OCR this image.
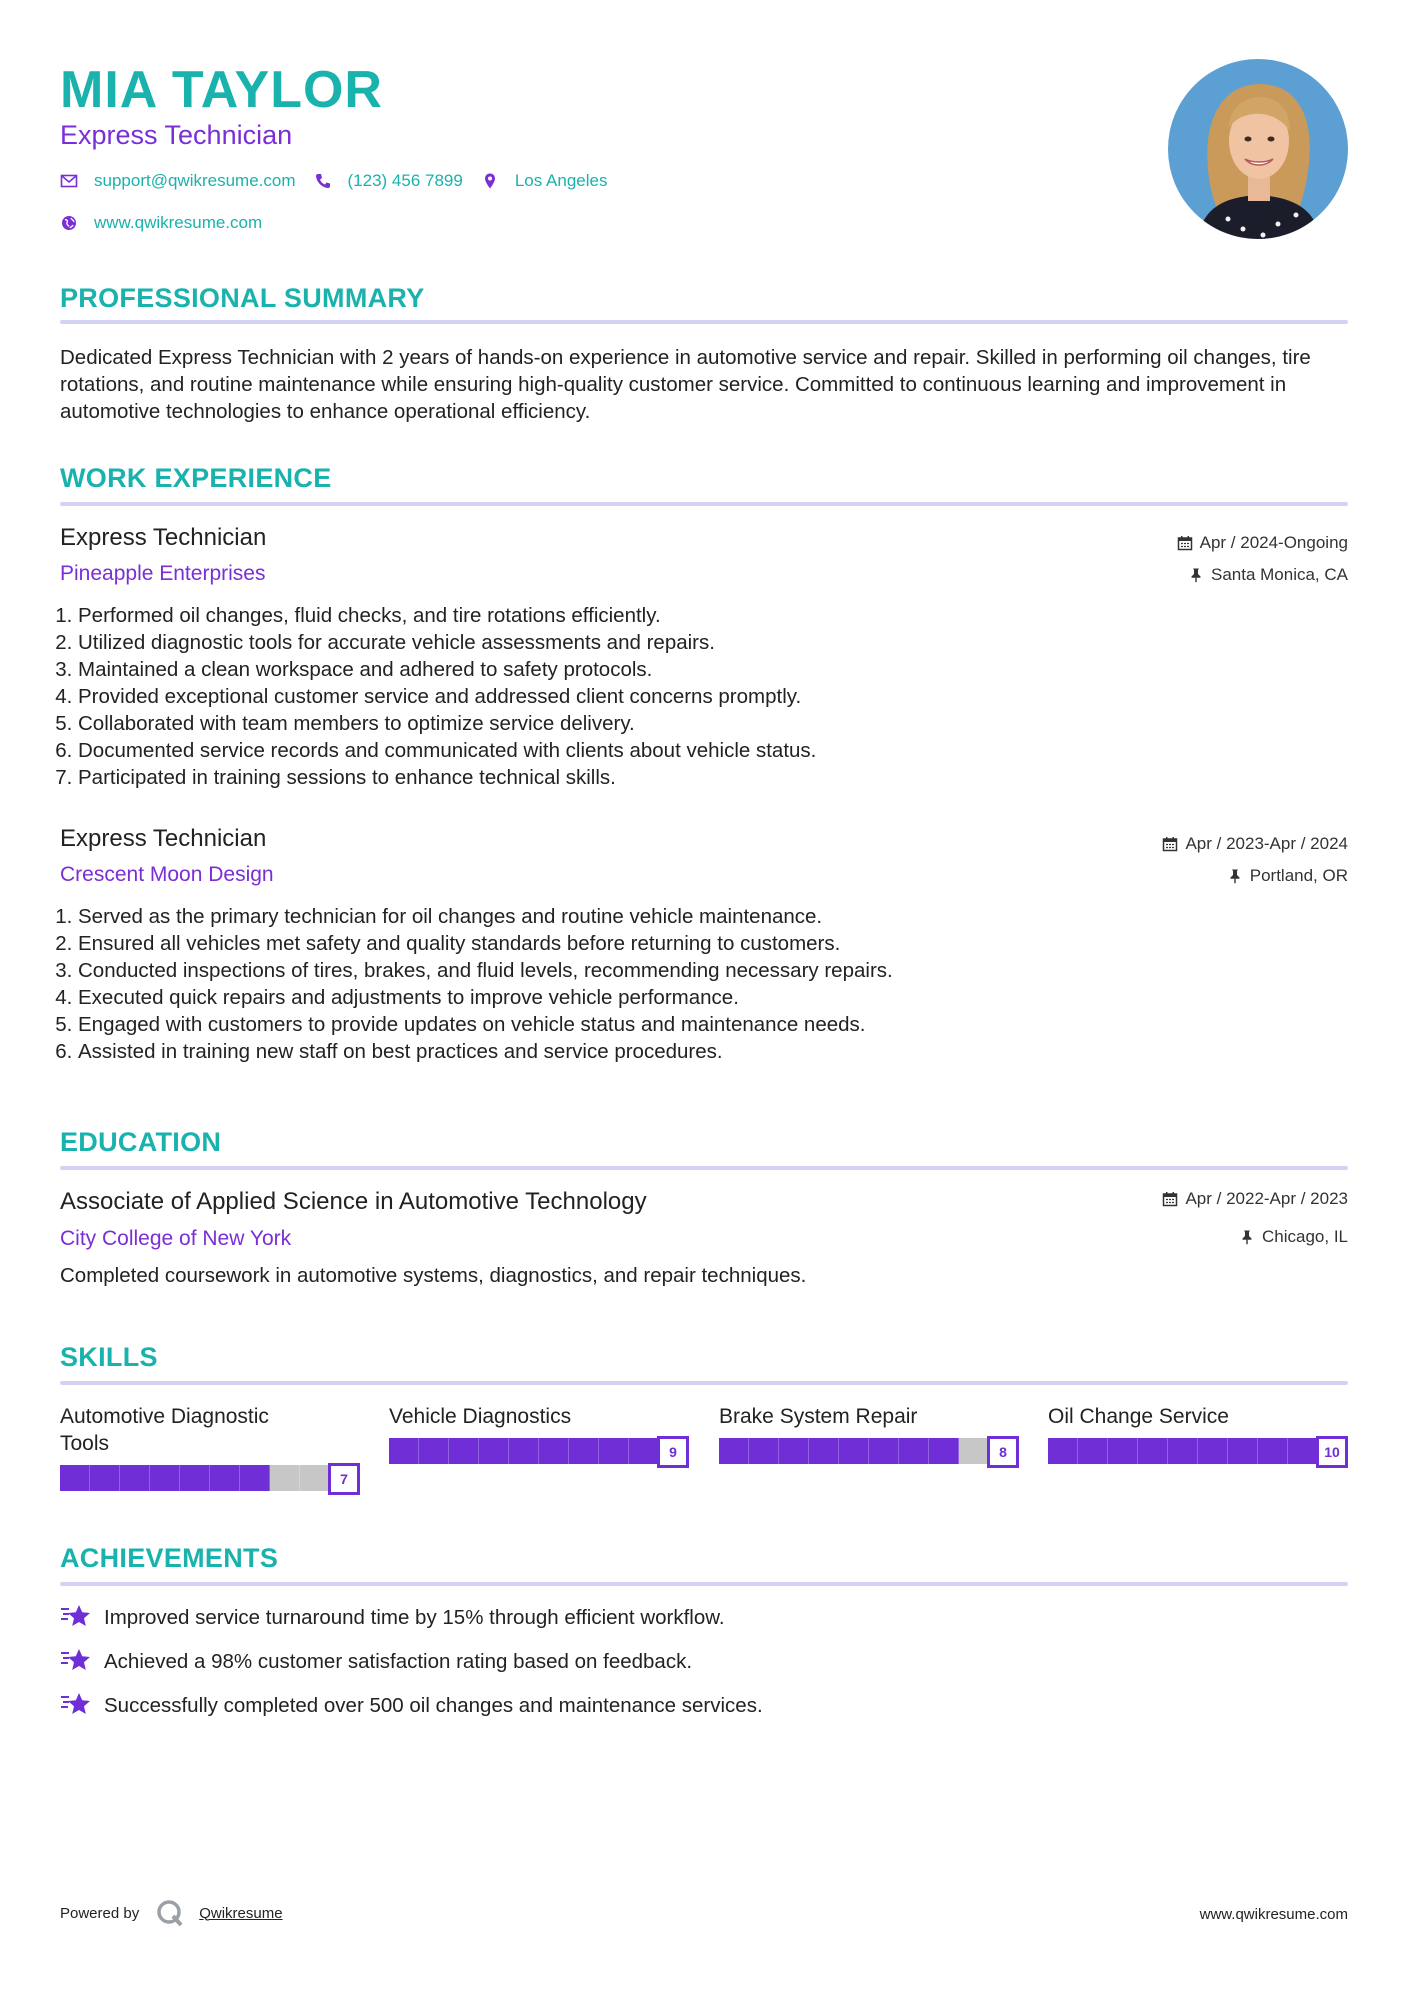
MIA TAYLOR
Express Technician
support@qwikresume.com	(123) 456 7899	Los Angeles
www.qwikresume.com
PROFESSIONAL SUMMARY
Dedicated Express Technician with 2 years of hands-on experience in automotive service and repair. Skilled in performing oil changes, tire rotations, and routine maintenance while ensuring high-quality customer service. Committed to continuous learning and improvement in automotive technologies to enhance operational efficiency.
WORK EXPERIENCE
Express Technician
Pineapple Enterprises
Apr / 2024-Ongoing
Santa Monica, CA
1. Performed oil changes, fluid checks, and tire rotations efficiently.
2. Utilized diagnostic tools for accurate vehicle assessments and repairs.
3. Maintained a clean workspace and adhered to safety protocols.
4. Provided exceptional customer service and addressed client concerns promptly.
5. Collaborated with team members to optimize service delivery.
6. Documented service records and communicated with clients about vehicle status.
7. Participated in training sessions to enhance technical skills.
Express Technician
Crescent Moon Design
Apr / 2023-Apr / 2024
Portland, OR
1. Served as the primary technician for oil changes and routine vehicle maintenance.
2. Ensured all vehicles met safety and quality standards before returning to customers.
3. Conducted inspections of tires, brakes, and fluid levels, recommending necessary repairs.
4. Executed quick repairs and adjustments to improve vehicle performance.
5. Engaged with customers to provide updates on vehicle status and maintenance needs.
6. Assisted in training new staff on best practices and service procedures.
EDUCATION
Associate of Applied Science in Automotive Technology
City College of New York
Apr / 2022-Apr / 2023
Chicago, IL
Completed coursework in automotive systems, diagnostics, and repair techniques.
SKILLS
Automotive Diagnostic Tools
7
Vehicle Diagnostics
9
Brake System Repair
8
Oil Change Service
10
ACHIEVEMENTS
Improved service turnaround time by 15% through efficient workflow.
Achieved a 98% customer satisfaction rating based on feedback.
Successfully completed over 500 oil changes and maintenance services.
Powered by	Qwikresume	www.qwikresume.com
